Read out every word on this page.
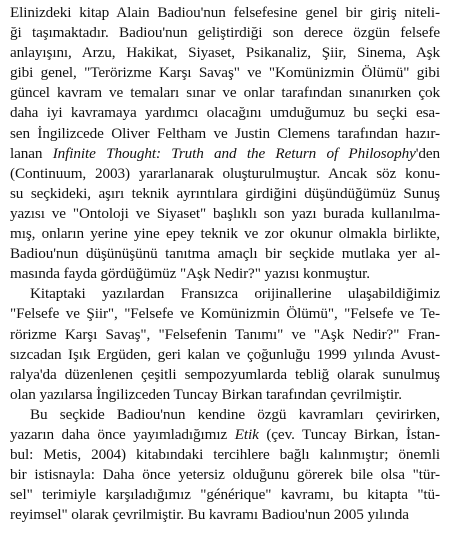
Elinizdeki kitap Alain Badiou'nun felsefesine genel bir giriş niteli-
ği taşımaktadır. Badiou'nun geliştirdiği son derece özgün felsefe
anlayışını, Arzu, Hakikat, Siyaset, Psikanaliz, Şiir, Sinema, Aşk
gibi genel, "Terörizme Karşı Savaş" ve "Komünizmin Ölümü" gibi
güncel kavram ve temaları sınar ve onlar tarafından sınanırken çok
daha iyi kavramaya yardımcı olacağını umduğumuz bu seçki esa-
sen İngilizcede Oliver Feltham ve Justin Clemens tarafından hazır-
lanan Infinite Thought: Truth and the Return of Philosophy'den
(Continuum, 2003) yararlanarak oluşturulmuştur. Ancak söz konu-
su seçkideki, aşırı teknik ayrıntılara girdiğini düşündüğümüz Sunuş
yazısı ve "Ontoloji ve Siyaset" başlıklı son yazı burada kullanılma-
mış, onların yerine yine epey teknik ve zor okunur olmakla birlikte,
Badiou'nun düşünüşünü tanıtma amaçlı bir seçkide mutlaka yer al-
masında fayda gördüğümüz "Aşk Nedir?" yazısı konmuştur.
Kitaptaki yazılardan Fransızca orijinallerine ulaşabildiğimiz
"Felsefe ve Şiir", "Felsefe ve Komünizmin Ölümü", "Felsefe ve Te-
rörizme Karşı Savaş", "Felsefenin Tanımı" ve "Aşk Nedir?" Fran-
sızcadan Işık Ergüden, geri kalan ve çoğunluğu 1999 yılında Avust-
ralya'da düzenlenen çeşitli sempozyumlarda tebliğ olarak sunulmuş
olan yazılarsa İngilizceden Tuncay Birkan tarafından çevrilmiştir.
Bu seçkide Badiou'nun kendine özgü kavramları çevirirken,
yazarın daha önce yayımladığımız Etik (çev. Tuncay Birkan, İstan-
bul: Metis, 2004) kitabındaki tercihlere bağlı kalınmıştır; önemli
bir istisnayla: Daha önce yetersiz olduğunu görerek bile olsa "tür-
sel" terimiyle karşıladığımız "générique" kavramı, bu kitapta "tü-
reyimsel" olarak çevrilmiştir. Bu kavramı Badiou'nun 2005 yılında
